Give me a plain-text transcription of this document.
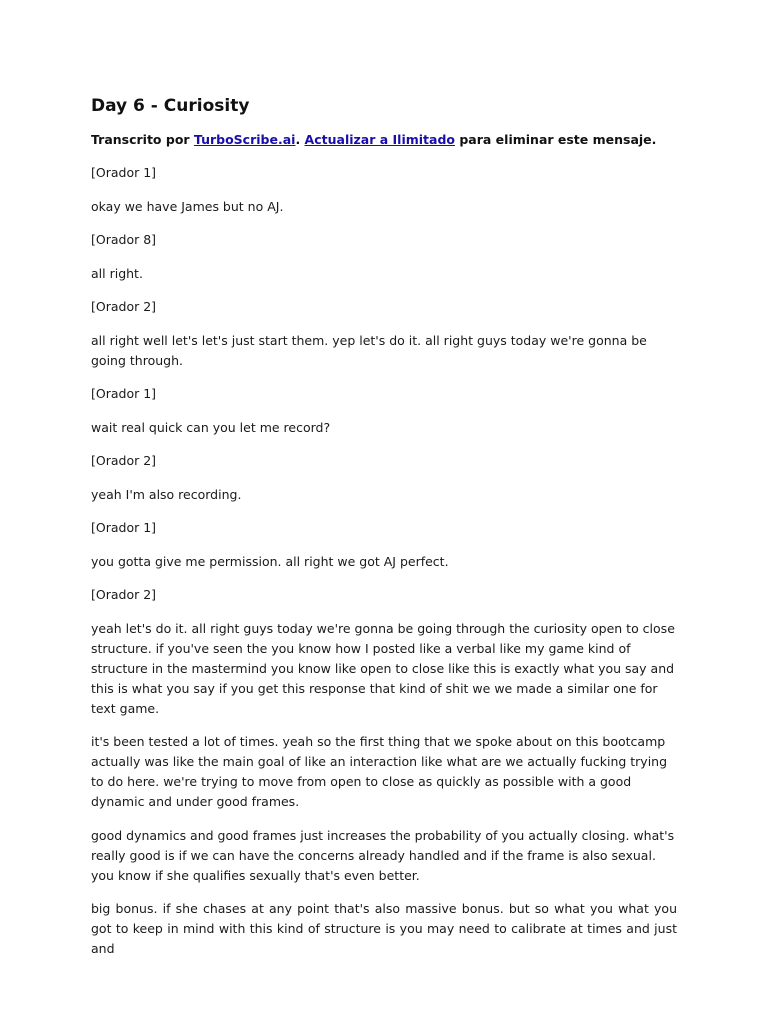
Day 6 - Curiosity

Transcrito por TurboScribe.ai. Actualizar a Ilimitado para eliminar este mensaje.

[Orador 1]

okay we have James but no AJ.

[Orador 8]

all right.

[Orador 2]

all right well let's let's just start them. yep let's do it. all right guys today we're gonna be going through.

[Orador 1]

wait real quick can you let me record?

[Orador 2]

yeah I'm also recording.

[Orador 1]

you gotta give me permission. all right we got AJ perfect.

[Orador 2]

yeah let's do it. all right guys today we're gonna be going through the curiosity open to close structure. if you've seen the you know how I posted like a verbal like my game kind of structure in the mastermind you know like open to close like this is exactly what you say and this is what you say if you get this response that kind of shit we we made a similar one for text game.

it's been tested a lot of times. yeah so the first thing that we spoke about on this bootcamp actually was like the main goal of like an interaction like what are we actually fucking trying to do here. we're trying to move from open to close as quickly as possible with a good dynamic and under good frames.

good dynamics and good frames just increases the probability of you actually closing. what's really good is if we can have the concerns already handled and if the frame is also sexual. you know if she qualifies sexually that's even better.

big bonus. if she chases at any point that's also massive bonus. but so what you what you got to keep in mind with this kind of structure is you may need to calibrate at times and just and
